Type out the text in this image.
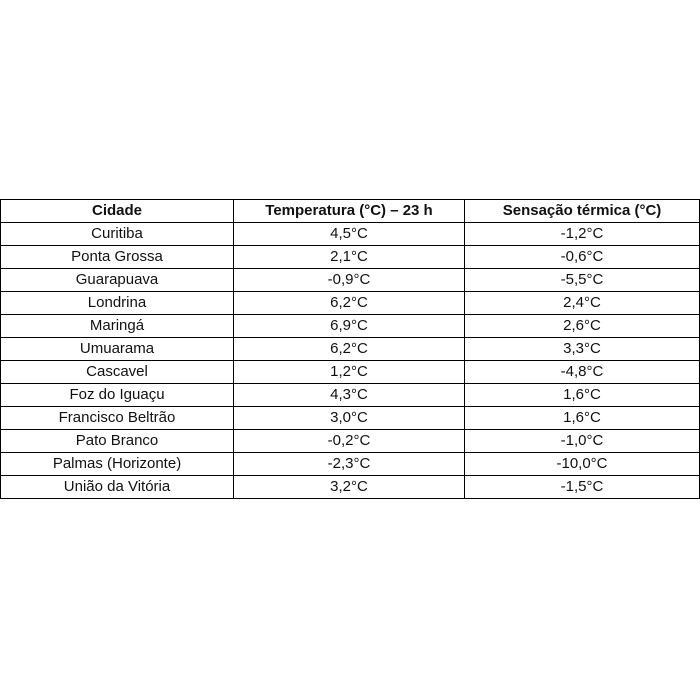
Cidade	Temperatura (°C) – 23 h	Sensação térmica (°C)
Curitiba	4,5°C	-1,2°C
Ponta Grossa	2,1°C	-0,6°C
Guarapuava	-0,9°C	-5,5°C
Londrina	6,2°C	2,4°C
Maringá	6,9°C	2,6°C
Umuarama	6,2°C	3,3°C
Cascavel	1,2°C	-4,8°C
Foz do Iguaçu	4,3°C	1,6°C
Francisco Beltrão	3,0°C	1,6°C
Pato Branco	-0,2°C	-1,0°C
Palmas (Horizonte)	-2,3°C	-10,0°C
União da Vitória	3,2°C	-1,5°C
